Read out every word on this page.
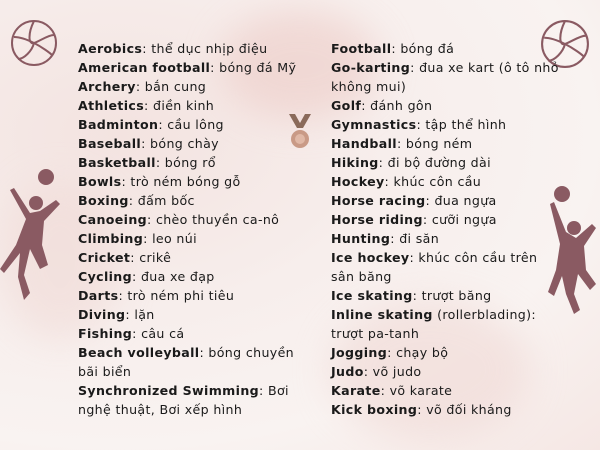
Aerobics: thể dục nhịp điệu

American football: bóng đá Mỹ

Archery: bắn cung

Athletics: điền kinh

Badminton: cầu lông

Baseball: bóng chày

Basketball: bóng rổ

Bowls: trò ném bóng gỗ

Boxing: đấm bốc

Canoeing: chèo thuyền ca-nô

Climbing: leo núi

Cricket: crikê

Cycling: đua xe đạp

Darts: trò ném phi tiêu

Diving: lặn

Fishing: câu cá

Beach volleyball: bóng chuyền bãi biển

Synchronized Swimming: Bơi nghệ thuật, Bơi xếp hình

Football: bóng đá

Go-karting: đua xe kart (ô tô nhỏ không mui)

Golf: đánh gôn

Gymnastics: tập thể hình

Handball: bóng ném

Hiking: đi bộ đường dài

Hockey: khúc côn cầu

Horse racing: đua ngựa

Horse riding: cưỡi ngựa

Hunting: đi săn

Ice hockey: khúc côn cầu trên sân băng

Ice skating: trượt băng

Inline skating (rollerblading): trượt pa-tanh

Jogging: chạy bộ

Judo: võ judo

Karate: võ karate

Kick boxing: võ đối kháng
